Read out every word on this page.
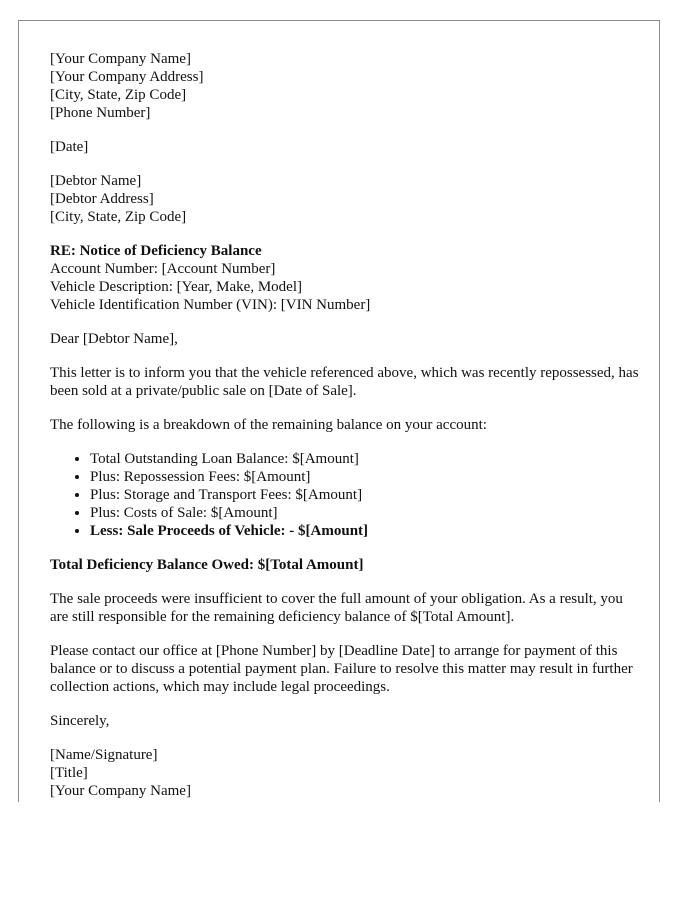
[Your Company Name]
[Your Company Address]
[City, State, Zip Code]
[Phone Number]
[Date]
[Debtor Name]
[Debtor Address]
[City, State, Zip Code]
RE: Notice of Deficiency Balance
Account Number: [Account Number]
Vehicle Description: [Year, Make, Model]
Vehicle Identification Number (VIN): [VIN Number]

Dear [Debtor Name],

This letter is to inform you that the vehicle referenced above, which was recently repossessed, has been sold at a private/public sale on [Date of Sale].

The following is a breakdown of the remaining balance on your account:

• Total Outstanding Loan Balance: $[Amount]
• Plus: Repossession Fees: $[Amount]
• Plus: Storage and Transport Fees: $[Amount]
• Plus: Costs of Sale: $[Amount]
• Less: Sale Proceeds of Vehicle: - $[Amount]

Total Deficiency Balance Owed: $[Total Amount]

The sale proceeds were insufficient to cover the full amount of your obligation. As a result, you are still responsible for the remaining deficiency balance of $[Total Amount].

Please contact our office at [Phone Number] by [Deadline Date] to arrange for payment of this balance or to discuss a potential payment plan. Failure to resolve this matter may result in further collection actions, which may include legal proceedings.

Sincerely,

[Name/Signature]
[Title]
[Your Company Name]
